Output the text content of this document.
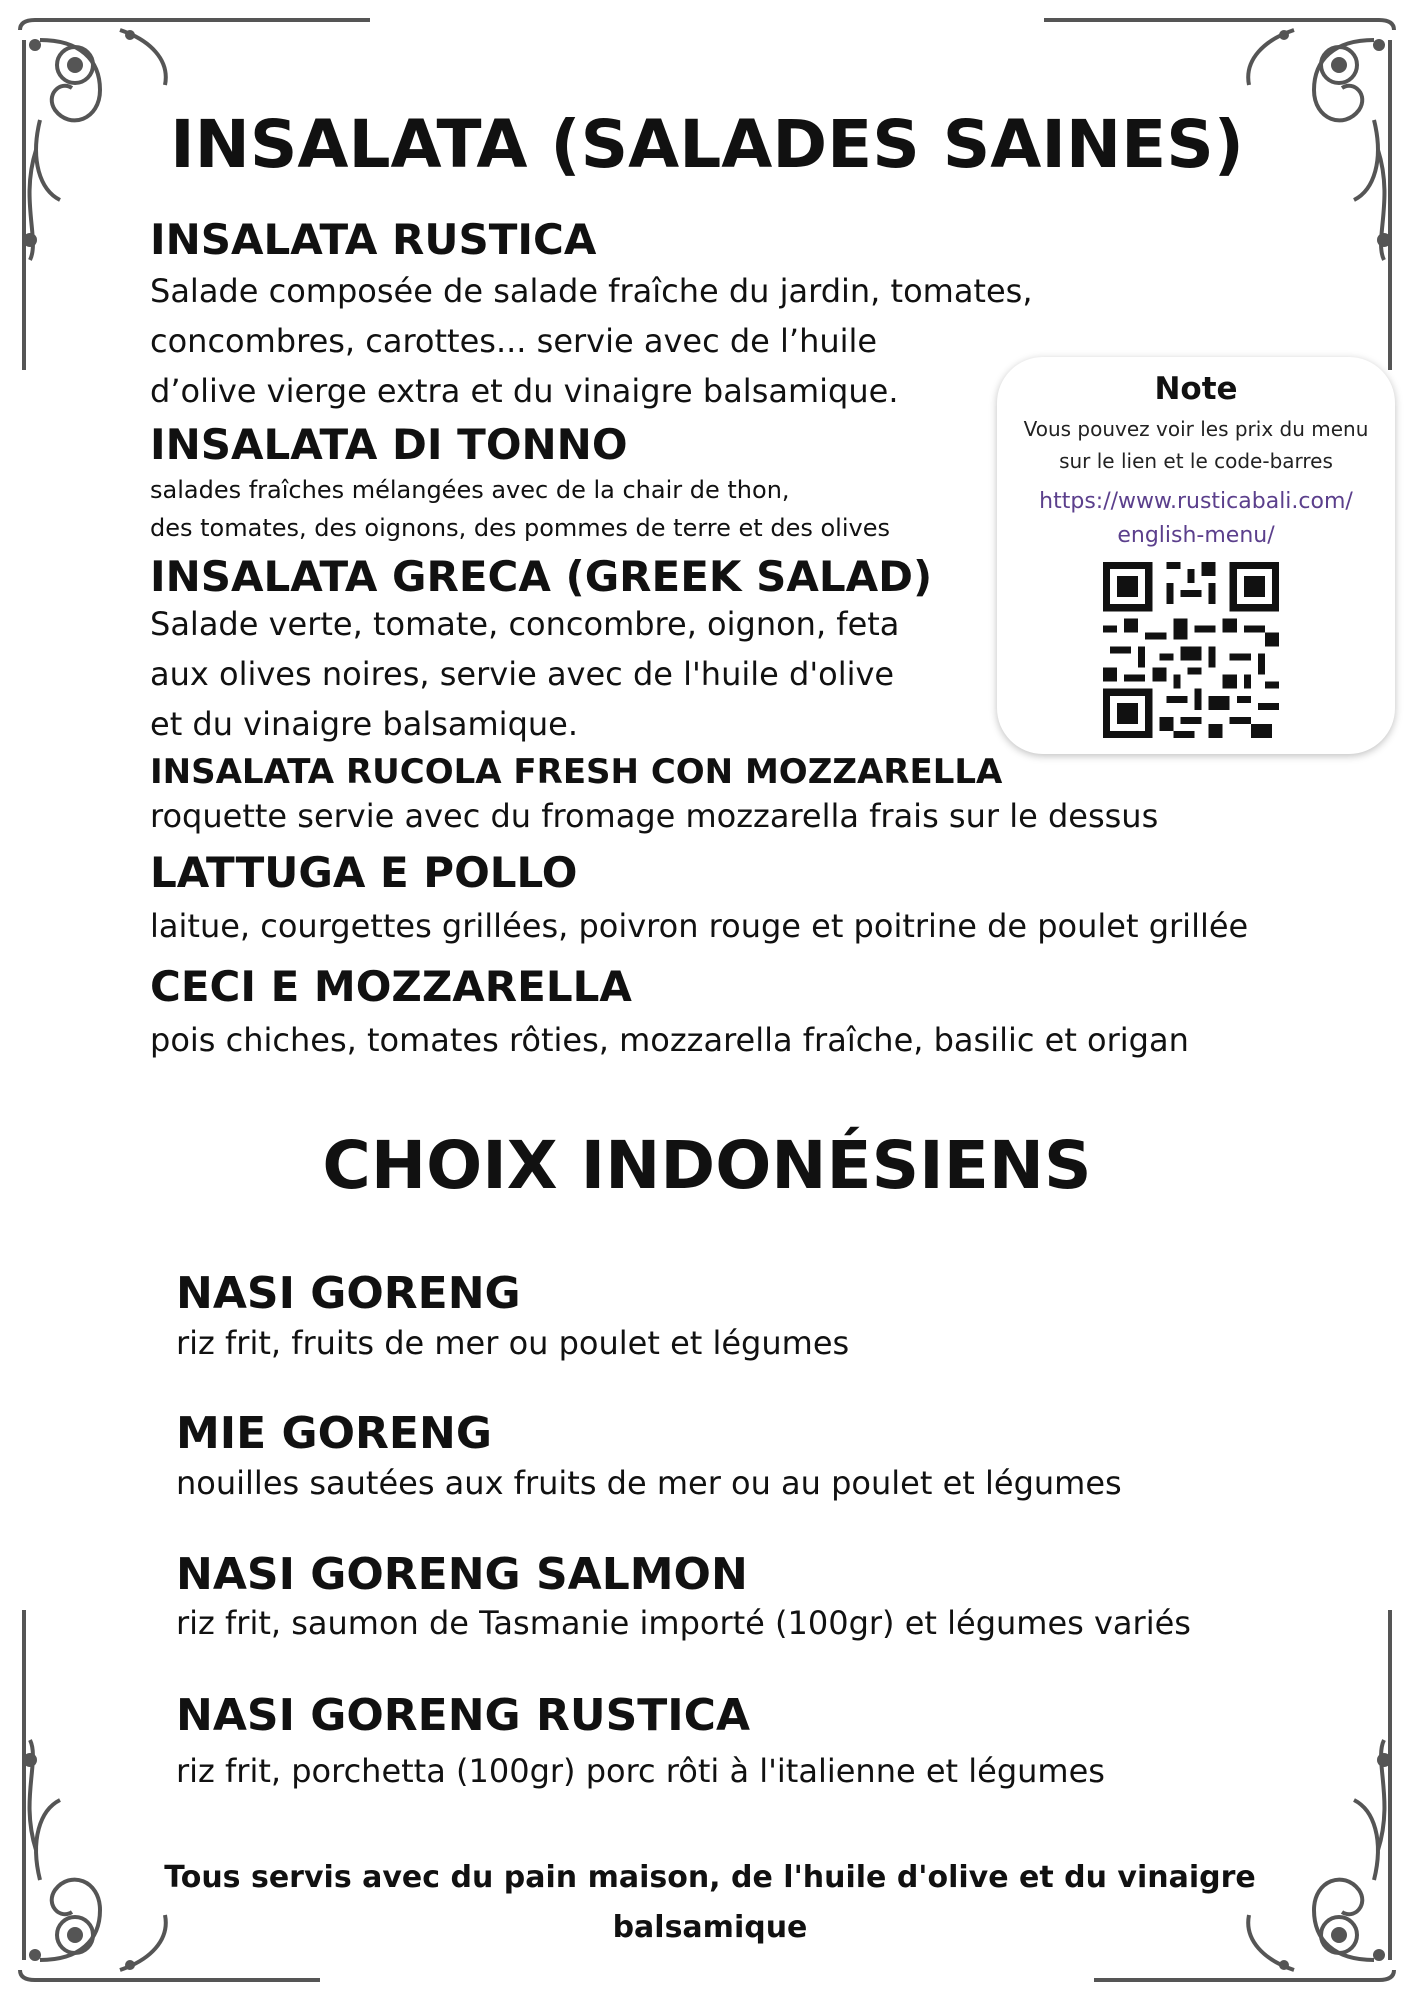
INSALATA (SALADES SAINES)
INSALATA RUSTICA
Salade composée de salade fraîche du jardin, tomates,
concombres, carottes... servie avec de l’huile
d’olive vierge extra et du vinaigre balsamique.
INSALATA DI TONNO
salades fraîches mélangées avec de la chair de thon,
des tomates, des oignons, des pommes de terre et des olives
INSALATA GRECA (GREEK SALAD)
Salade verte, tomate, concombre, oignon, feta
aux olives noires, servie avec de l'huile d'olive
et du vinaigre balsamique.
INSALATA RUCOLA FRESH CON MOZZARELLA
roquette servie avec du fromage mozzarella frais sur le dessus
LATTUGA E POLLO
laitue, courgettes grillées, poivron rouge et poitrine de poulet grillée
CECI E MOZZARELLA
pois chiches, tomates rôties, mozzarella fraîche, basilic et origan
Note
Vous pouvez voir les prix du menu
sur le lien et le code-barres
https://www.rusticabali.com/
english-menu/
CHOIX INDONÉSIENS
NASI GORENG
riz frit, fruits de mer ou poulet et légumes
MIE GORENG
nouilles sautées aux fruits de mer ou au poulet et légumes
NASI GORENG SALMON
riz frit, saumon de Tasmanie importé (100gr) et légumes variés
NASI GORENG RUSTICA
riz frit, porchetta (100gr) porc rôti à l'italienne et légumes
Tous servis avec du pain maison, de l'huile d'olive et du vinaigre
balsamique
